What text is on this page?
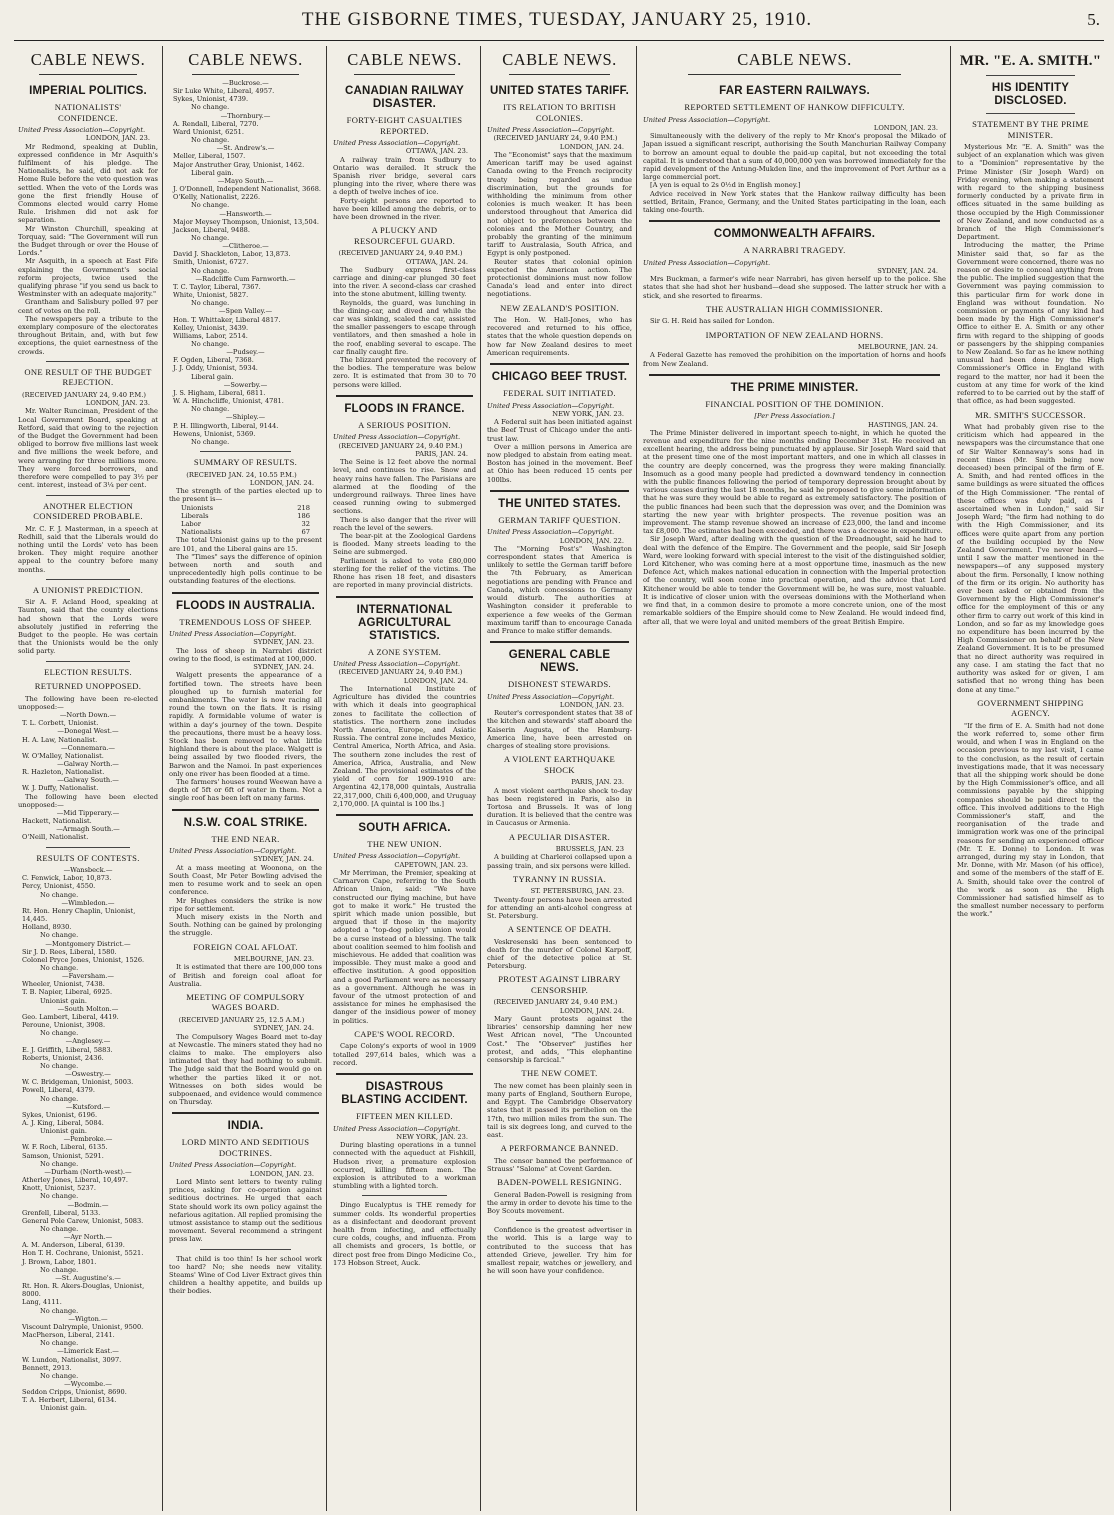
THE GISBORNE TIMES, TUESDAY, JANUARY 25, 1910.	5.
CABLE NEWS.
IMPERIAL POLITICS.
NATIONALISTS' CONFIDENCE.
United Press Association—Copyright.
LONDON, JAN. 23.

Mr Redmond, speaking at Dublin, expressed confidence in Mr Asquith's fulfilment of his pledge. The Nationalists, he said, did not ask for Home Rule before the veto question was settled. When the veto of the Lords was gone the first friendly House of Commons elected would carry Home Rule. Irishmen did not ask for separation.

Mr Winston Churchill, speaking at Torquay, said: "The Government will run the Budget through or over the House of Lords."

Mr Asquith, in a speech at East Fife explaining the Government's social reform projects, twice used the qualifying phrase "if you send us back to Westminster with an adequate majority."

Grantham and Salisbury polled 97 per cent of votes on the roll.

The newspapers pay a tribute to the exemplary composure of the electorates throughout Britain, and, with but few exceptions, the quiet earnestness of the crowds.

ONE RESULT OF THE BUDGET REJECTION.
(RECEIVED JANUARY 24, 9.40 P.M.)
LONDON, JAN. 23.

Mr. Walter Runciman, President of the Local Government Board, speaking at Retford, said that owing to the rejection of the Budget the Government had been obliged to borrow five millions last week and five millions the week before, and were arranging for three millions more. They were forced borrowers, and therefore were compelled to pay 3½ per cent. interest, instead of 3¼ per cent.

ANOTHER ELECTION CONSIDERED PROBABLE.

Mr. C. F. J. Masterman, in a speech at Redhill, said that the Liberals would do nothing until the Lords' veto has been broken. They might require another appeal to the country before many months.

A UNIONIST PREDICTION.

Sir A. F. Acland Hood, speaking at Taunton, said that the county elections had shown that the Lords were absolutely justified in referring the Budget to the people. He was certain that the Unionists would be the only solid party.

ELECTION RESULTS.
RETURNED UNOPPOSED.

The following have been re-elected unopposed:—

—North Down.—
T. L. Corbett, Unionist.
—Donegal West.—
H. A. Law, Nationalist.
—Connemara.—
W. O'Malley, Nationalist.
—Galway North.—
R. Hazleton, Nationalist.
—Galway South.—
W. J. Duffy, Nationalist.

The following have been elected unopposed:—

—Mid Tipperary.—
Hackett, Nationalist.
—Armagh South.—
O'Neill, Nationalist.
RESULTS OF CONTESTS.
—Wansbeck.—
C. Fenwick, Labor, 10,873.
Percy, Unionist, 4550.
No change.
—Wimbledon.—
Rt. Hon. Henry Chaplin, Unionist, 14,445.
Holland, 8930.
No change.
—Montgomery District.—
Sir J. D. Rees, Liberal, 1580.
Colonel Pryce Jones, Unionist, 1526.
No change.
—Faversham.—
Wheeler, Unionist, 7438.
T. B. Napier, Liberal, 6925.
Unionist gain.
—South Molton.—
Geo. Lambert, Liberal, 4419.
Peroune, Unionist, 3908.
No change.
—Anglesey.—
E. J. Griffith, Liberal, 5883.
Roberts, Unionist, 2436.
No change.
—Oswestry.—
W. C. Bridgeman, Unionist, 5003.
Powell, Liberal, 4379.
No change.
—Kutsford.—
Sykes, Unionist, 6196.
A. J. King, Liberal, 5084.
Unionist gain.
—Pembroke.—
W. F. Roch, Liberal, 6135.
Samson, Unionist, 5291.
No change.
—Durham (North-west).—
Atherley Jones, Liberal, 10,497.
Knott, Unionist, 5237.
No change.
—Bodmin.—
Grenfell, Liberal, 5133.
General Pole Carew, Unionist, 5083.
No change.
—Ayr North.—
A. M. Anderson, Liberal, 6139.
Hon T. H. Cochrane, Unionist, 5521.
J. Brown, Labor, 1801.
No change.
—St. Augustine's.—
Rt. Hon. R. Akers-Douglas, Unionist, 8000.
Lang, 4111.
No change.
—Wigton.—
Viscount Dalrymple, Unionist, 9500.
MacPherson, Liberal, 2141.
No change.
—Limerick East.—
W. Lundon, Nationalist, 3097.
Bennett, 2913.
No change.
—Wycombe.—
Seddon Cripps, Unionist, 8690.
T. A. Herbert, Liberal, 6134.
Unionist gain.
CABLE NEWS.
—Buckrose.—
Sir Luke White, Liberal, 4957.
Sykes, Unionist, 4739.
No change.
—Thornbury.—
A. Rendall, Liberal, 7270.
Ward Unionist, 6251.
No change.
—St. Andrew's.—
Meller, Liberal, 1507.
Major Anstruther Gray, Unionist, 1462.
Liberal gain.
—Mayo South.—
J. O'Donnell, Independent Nationalist, 3668.
O'Kelly, Nationalist, 2226.
No change.
—Hansworth.—
Major Meysey Thompson, Unionist, 13,504.
Jackson, Liberal, 9488.
No change.
—Clitheroe.—
David J. Shackleton, Labor, 13,873.
Smith, Unionist, 6727.
No change.
—Radcliffe Cum Farnworth.—
T. C. Taylor, Liberal, 7367.
White, Unionist, 5827.
No change.
—Spen Valley.—
Hon. T. Whittaker, Liberal 4817.
Kelley, Unionist, 3439.
Williams, Labor, 2514.
No change.
—Pudsey.—
F. Ogden, Liberal, 7368.
J. J. Oddy, Unionist, 5934.
Liberal gain.
—Sowerby.—
J. S. Higham, Liberal, 6811.
W. A. Hinchcliffe, Unionist, 4781.
No change.
—Shipley.—
P. H. Illingworth, Liberal, 9144.
Hewens, Unionist, 5369.
No change.
SUMMARY OF RESULTS.
(RECEIVED JAN. 24, 10.55 P.M.)
LONDON, JAN. 24.

The strength of the parties elected up to the present is—

Unionists	218
Liberals	186
Labor	32
Nationalists	67

The total Unionist gains up to the present are 101, and the Liberal gains are 15.

The "Times" says the difference of opinion between north and south and unprecedentedly high polls continue to be outstanding features of the elections.

FLOODS IN AUSTRALIA.
TREMENDOUS LOSS OF SHEEP.
United Press Association—Copyright.
SYDNEY, JAN. 23.

The loss of sheep in Narrabri district owing to the flood, is estimated at 100,000.

SYDNEY, JAN. 24.

Walgett presents the appearance of a fortified town. The streets have been ploughed up to furnish material for embankments. The water is now racing all round the town on the flats. It is rising rapidly. A formidable volume of water is within a day's journey of the town. Despite the precautions, there must be a heavy loss. Stock has been removed to what little highland there is about the place. Walgett is being assailed by two flooded rivers, the Barwon and the Namoi. In past experiences only one river has been flooded at a time.

The farmers' houses round Weewan have a depth of 5ft or 6ft of water in them. Not a single roof has been left on many farms.

N.S.W. COAL STRIKE.
THE END NEAR.
United Press Association—Copyright.
SYDNEY, JAN. 24.

At a mass meeting at Woonona, on the South Coast, Mr Peter Bowling advised the men to resume work and to seek an open conference.

Mr Hughes considers the strike is now ripe for settlement.

Much misery exists in the North and South. Nothing can be gained by prolonging the struggle.

FOREIGN COAL AFLOAT.
MELBOURNE, JAN. 23.

It is estimated that there are 100,000 tons of British and foreign coal afloat for Australia.

MEETING OF COMPULSORY WAGES BOARD.
(RECEIVED JANUARY 25, 12.5 A.M.)
SYDNEY, JAN. 24.

The Compulsory Wages Board met to-day at Newcastle. The miners stated they had no claims to make. The employers also intimated that they had nothing to submit. The Judge said that the Board would go on whether the parties liked it or not. Witnesses on both sides would be subpoenaed, and evidence would commence on Thursday.

INDIA.
LORD MINTO AND SEDITIOUS DOCTRINES.
United Press Association—Copyright.
LONDON, JAN. 23.

Lord Minto sent letters to twenty ruling princes, asking for co-operation against seditious doctrines. He urged that each State should work its own policy against the nefarious agitation. All replied promising the utmost assistance to stamp out the seditious movement. Several recommend a stringent press law.

That child is too thin! Is her school work too hard? No; she needs new vitality. Steams' Wine of Cod Liver Extract gives thin children a healthy appetite, and builds up their bodies.

CABLE NEWS.
CANADIAN RAILWAY DISASTER.
FORTY-EIGHT CASUALTIES REPORTED.
United Press Association—Copyright.
OTTAWA, JAN. 23.

A railway train from Sudbury to Ontario was derailed. It struck the Spanish river bridge, several cars plunging into the river, where there was a depth of twelve inches of ice.

Forty-eight persons are reported to have been killed among the debris, or to have been drowned in the river.

A PLUCKY AND RESOURCEFUL GUARD.
(RECEIVED JANUARY 24, 9.40 P.M.)
OTTAWA, JAN. 24.

The Sudbury express first-class carriage and dining-car plunged 30 feet into the river. A second-class car crashed into the stone abutment, killing twenty.

Reynolds, the guard, was lunching in the dining-car, and dived and while the car was sinking, scaled the car, assisted the smaller passengers to escape through ventilators, and then smashed a hole in the roof, enabling several to escape. The car finally caught fire.

The blizzard prevented the recovery of the bodies. The temperature was below zero. It is estimated that from 30 to 70 persons were killed.

FLOODS IN FRANCE.
A SERIOUS POSITION.
United Press Association—Copyright.
(RECEIVED JANUARY 24, 9.40 P.M.)
PARIS, JAN. 24.

The Seine is 12 feet above the normal level, and continues to rise. Snow and heavy rains have fallen. The Parisians are alarmed at the flooding of the underground railways. Three lines have ceased running owing to submerged sections.

There is also danger that the river will reach the level of the sewers.

The bear-pit at the Zoological Gardens is flooded. Many streets leading to the Seine are submerged.

Parliament is asked to vote £80,000 sterling for the relief of the victims. The Rhone has risen 18 feet, and disasters are reported in many provincial districts.

INTERNATIONAL AGRICULTURAL STATISTICS.
A ZONE SYSTEM.
United Press Association—Copyright.
(RECEIVED JANUARY 24, 9.40 P.M.)
LONDON, JAN. 24.

The International Institute of Agriculture has divided the countries with which it deals into geographical zones to facilitate the collection of statistics. The northern zone includes North America, Europe, and Asiatic Russia. The central zone includes Mexico, Central America, North Africa, and Asia. The southern zone includes the rest of America, Africa, Australia, and New Zealand. The provisional estimates of the yield of corn for 1909-1910 are: Argentina 42,178,000 quintals, Australia 22,317,000, Chili 6,400,000, and Uruguay 2,170,000. [A quintal is 100 lbs.]

SOUTH AFRICA.
THE NEW UNION.
United Press Association—Copyright.
CAPETOWN, JAN. 23.

Mr Merriman, the Premier, speaking at Carnarvon Cape, referring to the South African Union, said: "We have constructed our flying machine, but have got to make it work." He trusted the spirit which made union possible, but argued that if those in the majority adopted a "top-dog policy" union would be a curse instead of a blessing. The talk about coalition seemed to him foolish and mischievous. He added that coalition was impossible. They must make a good and effective institution. A good opposition and a good Parliament were as necessary as a government. Although he was in favour of the utmost protection of and assistance for mines he emphasised the danger of the insidious power of money in politics.

CAPE'S WOOL RECORD.

Cape Colony's exports of wool in 1909 totalled 297,614 bales, which was a record.

DISASTROUS BLASTING ACCIDENT.
FIFTEEN MEN KILLED.
United Press Association—Copyright.
NEW YORK, JAN. 23.

During blasting operations in a tunnel connected with the aqueduct at Fishkill, Hudson river, a premature explosion occurred, killing fifteen men. The explosion is attributed to a workman stumbling with a lighted torch.

Dingo Eucalyptus is THE remedy for summer colds. Its wonderful properties as a disinfectant and deodorant prevent health from infecting, and effectually cure colds, coughs, and influenza. From all chemists and grocers, 1s bottle, or direct post free from Dingo Medicine Co., 173 Hobson Street, Auck.

CABLE NEWS.
UNITED STATES TARIFF.
ITS RELATION TO BRITISH COLONIES.
United Press Association—Copyright.
(RECEIVED JANUARY 24, 9.40 P.M.)
LONDON, JAN. 24.

The "Economist" says that the maximum American tariff may be used against Canada owing to the French reciprocity treaty being regarded as undue discrimination, but the grounds for withholding the minimum from other colonies is much weaker. It has been understood throughout that America did not object to preferences between the colonies and the Mother Country, and probably the granting of the minimum tariff to Australasia, South Africa, and Egypt is only postponed.

Reuter states that colonial opinion expected the American action. The protectionist dominions must now follow Canada's lead and enter into direct negotiations.

NEW ZEALAND'S POSITION.

The Hon. W. Hall-Jones, who has recovered and returned to his office, states that the whole question depends on how far New Zealand desires to meet American requirements.

CHICAGO BEEF TRUST.
FEDERAL SUIT INITIATED.
United Press Association—Copyright.
NEW YORK, JAN. 23.

A Federal suit has been initiated against the Beef Trust of Chicago under the anti-trust law.

Over a million persons in America are now pledged to abstain from eating meat. Boston has joined in the movement. Beef at Ohio has been reduced 15 cents per 100lbs.

THE UNITED STATES.
GERMAN TARIFF QUESTION.
United Press Association—Copyright.
LONDON, JAN. 22.

The "Morning Post's" Washington correspondent states that America is unlikely to settle the German tariff before the 7th February, as American negotiations are pending with France and Canada, which concessions to Germany would disturb. The authorities at Washington consider it preferable to experience a few weeks of the German maximum tariff than to encourage Canada and France to make stiffer demands.

GENERAL CABLE NEWS.
DISHONEST STEWARDS.
United Press Association—Copyright.
LONDON, JAN. 23.

Reuter's correspondent states that 38 of the kitchen and stewards' staff aboard the Kaiserin Augusta, of the Hamburg-America line, have been arrested on charges of stealing store provisions.

A VIOLENT EARTHQUAKE SHOCK
PARIS, JAN. 23.

A most violent earthquake shock to-day has been registered in Paris, also in Tortosa and Brussels. It was of long duration. It is believed that the centre was in Caucasus or Armenia.

A PECULIAR DISASTER.
BRUSSELS, JAN. 23

A building at Charleroi collapsed upon a passing train, and six persons were killed.

TYRANNY IN RUSSIA.
ST. PETERSBURG, JAN. 23.

Twenty-four persons have been arrested for attending an anti-alcohol congress at St. Petersburg.

A SENTENCE OF DEATH.

Veskresenski has been sentenced to death for the murder of Colonel Karpoff, chief of the detective police at St. Petersburg.

PROTEST AGAINST LIBRARY CENSORSHIP.
(RECEIVED JANUARY 24, 9.40 P.M.)
LONDON, JAN. 24.

Mary Gaunt protests against the libraries' censorship damning her new West African novel, "The Uncounted Cost." The "Observer" justifies her protest, and adds, "This elephantine censorship is farcical."

THE NEW COMET.

The new comet has been plainly seen in many parts of England, Southern Europe, and Egypt. The Cambridge Observatory states that it passed its perihelion on the 17th, two million miles from the sun. The tail is six degrees long, and curved to the east.

A PERFORMANCE BANNED.

The censor banned the performance of Strauss' "Salome" at Covent Garden.

BADEN-POWELL RESIGNING.

General Baden-Powell is resigning from the army in order to devote his time to the Boy Scouts movement.

Confidence is the greatest advertiser in the world. This is a large way to contributed to the success that has attended Grieve, jeweller. Try him for smallest repair, watches or jewellery, and he will soon have your confidence.

CABLE NEWS.
FAR EASTERN RAILWAYS.
REPORTED SETTLEMENT OF HANKOW DIFFICULTY.
United Press Association—Copyright.
LONDON, JAN. 23.

Simultaneously with the delivery of the reply to Mr Knox's proposal the Mikado of Japan issued a significant rescript, authorising the South Manchurian Railway Company to borrow an amount equal to double the paid-up capital, but not exceeding the total capital. It is understood that a sum of 40,000,000 yen was borrowed immediately for the rapid development of the Antung-Mukden line, and the improvement of Port Arthur as a large commercial port.

[A yen is equal to 2s 0½d in English money.]

Advice received in New York states that the Hankow railway difficulty has been settled, Britain, France, Germany, and the United States participating in the loan, each taking one-fourth.

COMMONWEALTH AFFAIRS.
A NARRABRI TRAGEDY.
United Press Association—Copyright.
SYDNEY, JAN. 24.

Mrs Buckman, a farmer's wife near Narrabri, has given herself up to the police. She states that she had shot her husband—dead she supposed. The latter struck her with a stick, and she resorted to firearms.

THE AUSTRALIAN HIGH COMMISSIONER.

Sir G. H. Reid has sailed for London.

IMPORTATION OF NEW ZEALAND HORNS.
MELBOURNE, JAN. 24.

A Federal Gazette has removed the prohibition on the importation of horns and hoofs from New Zealand.

THE PRIME MINISTER.
FINANCIAL POSITION OF THE DOMINION.
[Per Press Association.]
HASTINGS, JAN. 24.

The Prime Minister delivered in important speech to-night, in which he quoted the revenue and expenditure for the nine months ending December 31st. He received an excellent hearing, the address being punctuated by applause. Sir Joseph Ward said that at the present time one of the most important matters, and one in which all classes in the country are deeply concerned, was the progress they were making financially. Insomuch as a good many people had predicted a downward tendency in connection with the public finances following the period of temporary depression brought about by various causes during the last 18 months, he said he proposed to give some information that he was sure they would be able to regard as extremely satisfactory. The position of the public finances had been such that the depression was over, and the Dominion was starting the new year with brighter prospects. The revenue position was an improvement. The stamp revenue showed an increase of £23,000, the land and income tax £8,000. The estimates had been exceeded, and there was a decrease in expenditure.

Sir Joseph Ward, after dealing with the question of the Dreadnought, said he had to deal with the defence of the Empire. The Government and the people, said Sir Joseph Ward, were looking forward with special interest to the visit of the distinguished soldier, Lord Kitchener, who was coming here at a most opportune time, inasmuch as the new Defence Act, which makes national education in connection with the Imperial protection of the country, will soon come into practical operation, and the advice that Lord Kitchener would be able to tender the Government will be, he was sure, most valuable. It is indicative of closer union with the overseas dominions with the Motherland when we find that, in a common desire to promote a more concrete union, one of the most remarkable soldiers of the Empire should come to New Zealand. He would indeed find, after all, that we were loyal and united members of the great British Empire.

MR. "E. A. SMITH."
HIS IDENTITY DISCLOSED.
STATEMENT BY THE PRIME MINISTER.

Mysterious Mr. "E. A. Smith" was the subject of an explanation which was given to a "Dominion" representative by the Prime Minister (Sir Joseph Ward) on Friday evening, when making a statement with regard to the shipping business formerly conducted by a private firm in offices situated in the same building as those occupied by the High Commissioner of New Zealand, and now conducted as a branch of the High Commissioner's Department.

Introducing the matter, the Prime Minister said that, so far as the Government were concerned, there was no reason or desire to conceal anything from the public. The implied suggestion that the Government was paying commission to this particular firm for work done in England was without foundation. No commission or payments of any kind had been made by the High Commissioner's Office to either E. A. Smith or any other firm with regard to the shipping of goods or passengers by the shipping companies to New Zealand. So far as he knew nothing unusual had been done by the High Commissioner's Office in England with regard to the matter, nor had it been the custom at any time for work of the kind referred to to be carried out by the staff of that office, as had been suggested.

MR. SMITH'S SUCCESSOR.

What had probably given rise to the criticism which had appeared in the newspapers was the circumstance that one of Sir Walter Kennaway's sons had in recent times (Mr. Smith being now deceased) been principal of the firm of E. A. Smith, and had rented offices in the same buildings as were situated the offices of the High Commissioner. "The rental of these offices was duly paid, as I ascertained when in London," said Sir Joseph Ward; "the firm had nothing to do with the High Commissioner, and its offices were quite apart from any portion of the building occupied by the New Zealand Government. I've never heard—until I saw the matter mentioned in the newspapers—of any supposed mystery about the firm. Personally, I know nothing of the firm or its origin. No authority has ever been asked or obtained from the Government by the High Commissioner's office for the employment of this or any other firm to carry out work of this kind in London, and so far as my knowledge goes no expenditure has been incurred by the High Commissioner on behalf of the New Zealand Government. It is to be presumed that no direct authority was required in any case. I am stating the fact that no authority was asked for or given, I am satisfied that no wrong thing has been done at any time."

GOVERNMENT SHIPPING AGENCY.

"If the firm of E. A. Smith had not done the work referred to, some other firm would, and when I was in England on the occasion previous to my last visit, I came to the conclusion, as the result of certain investigations made, that it was necessary that all the shipping work should be done by the High Commissioner's office, and all commissions payable by the shipping companies should be paid direct to the office. This involved additions to the High Commissioner's staff, and the reorganisation of the trade and immigration work was one of the principal reasons for sending an experienced officer (Mr. T. E. Donne) to London. It was arranged, during my stay in London, that Mr. Donne, with Mr. Mason (of his office), and some of the members of the staff of E. A. Smith, should take over the control of the work as soon as the High Commissioner had satisfied himself as to the smallest number necessary to perform the work."
